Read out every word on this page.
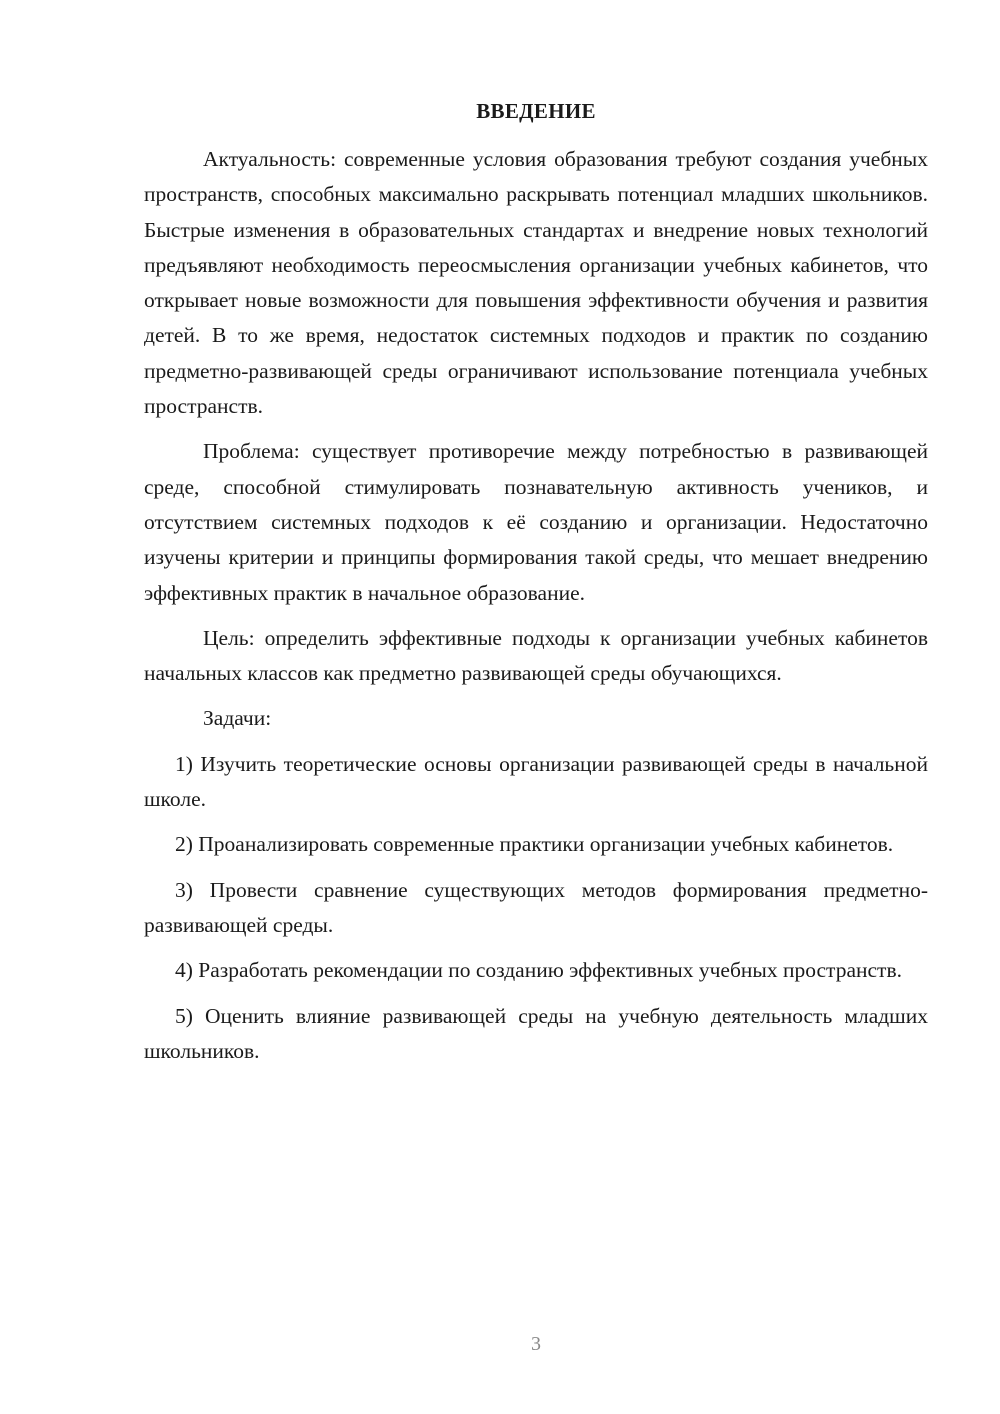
ВВЕДЕНИЕ

Актуальность: современные условия образования требуют создания учебных пространств, способных максимально раскрывать потенциал младших школьников. Быстрые изменения в образовательных стандартах и внедрение новых технологий предъявляют необходимость переосмысления организации учебных кабинетов, что открывает новые возможности для повышения эффективности обучения и развития детей. В то же время, недостаток системных подходов и практик по созданию предметно-развивающей среды ограничивают использование потенциала учебных пространств.

Проблема: существует противоречие между потребностью в развивающей среде, способной стимулировать познавательную активность учеников, и отсутствием системных подходов к её созданию и организации. Недостаточно изучены критерии и принципы формирования такой среды, что мешает внедрению эффективных практик в начальное образование.

Цель: определить эффективные подходы к организации учебных кабинетов начальных классов как предметно развивающей среды обучающихся.

Задачи:

1) Изучить теоретические основы организации развивающей среды в начальной школе.

2) Проанализировать современные практики организации учебных кабинетов.

3) Провести сравнение существующих методов формирования предметно-развивающей среды.

4) Разработать рекомендации по созданию эффективных учебных пространств.

5) Оценить влияние развивающей среды на учебную деятельность младших школьников.

3
